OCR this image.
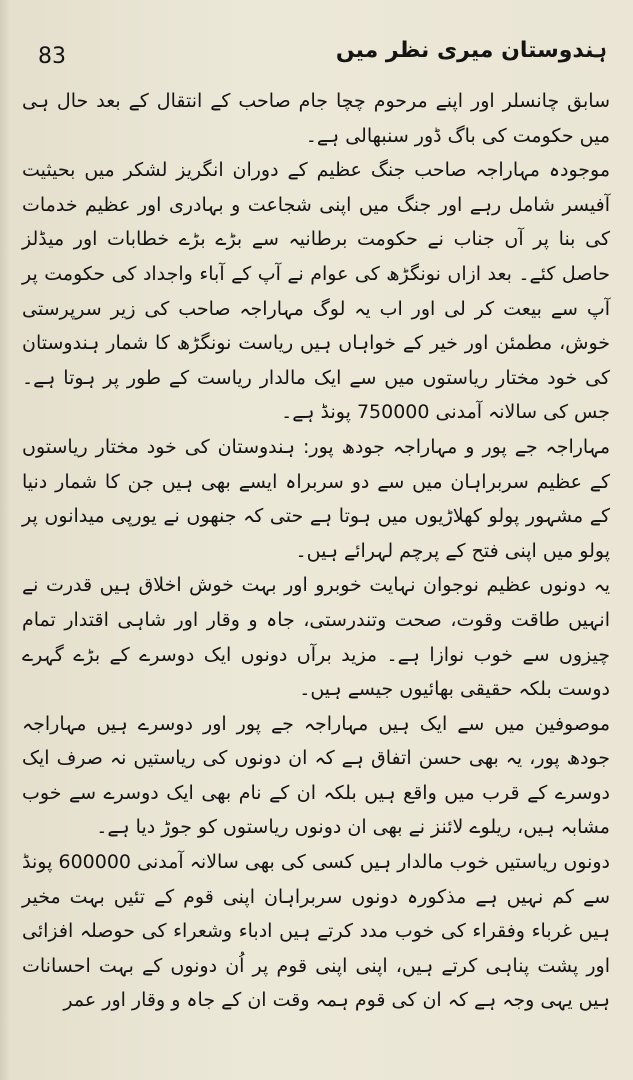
83	ہندوستان میری نظر میں

سابق چانسلر اور اپنے مرحوم چچا جام صاحب کے انتقال کے بعد حال ہی میں حکومت کی باگ ڈور سنبھالی ہے۔

موجودہ مہاراجہ صاحب جنگ عظیم کے دوران انگریز لشکر میں بحیثیت آفیسر شامل رہے اور جنگ میں اپنی شجاعت و بہادری اور عظیم خدمات کی بنا پر آں جناب نے حکومت برطانیہ سے بڑے بڑے خطابات اور میڈلز حاصل کئے۔ بعد ازاں نونگڑھ کی عوام نے آپ کے آباء واجداد کی حکومت پر آپ سے بیعت کر لی اور اب یہ لوگ مہاراجہ صاحب کی زیر سرپرستی خوش، مطمئن اور خیر کے خواہاں ہیں ریاست نونگڑھ کا شمار ہندوستان کی خود مختار ریاستوں میں سے ایک مالدار ریاست کے طور پر ہوتا ہے۔ جس کی سالانہ آمدنی 750000 پونڈ ہے۔

مہاراجہ جے پور و مہاراجہ جودھ پور: ہندوستان کی خود مختار ریاستوں کے عظیم سربراہان میں سے دو سربراہ ایسے بھی ہیں جن کا شمار دنیا کے مشہور پولو کھلاڑیوں میں ہوتا ہے حتی کہ جنھوں نے یورپی میدانوں پر پولو میں اپنی فتح کے پرچم لہرائے ہیں۔

یہ دونوں عظیم نوجوان نہایت خوبرو اور بہت خوش اخلاق ہیں قدرت نے انہیں طاقت وقوت، صحت وتندرستی، جاہ و وقار اور شاہی اقتدار تمام چیزوں سے خوب نوازا ہے۔ مزید برآں دونوں ایک دوسرے کے بڑے گہرے دوست بلکہ حقیقی بھائیوں جیسے ہیں۔

موصوفین میں سے ایک ہیں مہاراجہ جے پور اور دوسرے ہیں مہاراجہ جودھ پور، یہ بھی حسن اتفاق ہے کہ ان دونوں کی ریاستیں نہ صرف ایک دوسرے کے قرب میں واقع ہیں بلکہ ان کے نام بھی ایک دوسرے سے خوب مشابہ ہیں، ریلوے لائنز نے بھی ان دونوں ریاستوں کو جوڑ دیا ہے۔

دونوں ریاستیں خوب مالدار ہیں کسی کی بھی سالانہ آمدنی 600000 پونڈ سے کم نہیں ہے مذکورہ دونوں سربراہان اپنی قوم کے تئیں بہت مخیر ہیں غرباء وفقراء کی خوب مدد کرتے ہیں ادباء وشعراء کی حوصلہ افزائی اور پشت پناہی کرتے ہیں، اپنی اپنی قوم پر اُن دونوں کے بہت احسانات ہیں یہی وجہ ہے کہ ان کی قوم ہمہ وقت ان کے جاہ و وقار اور عمر
